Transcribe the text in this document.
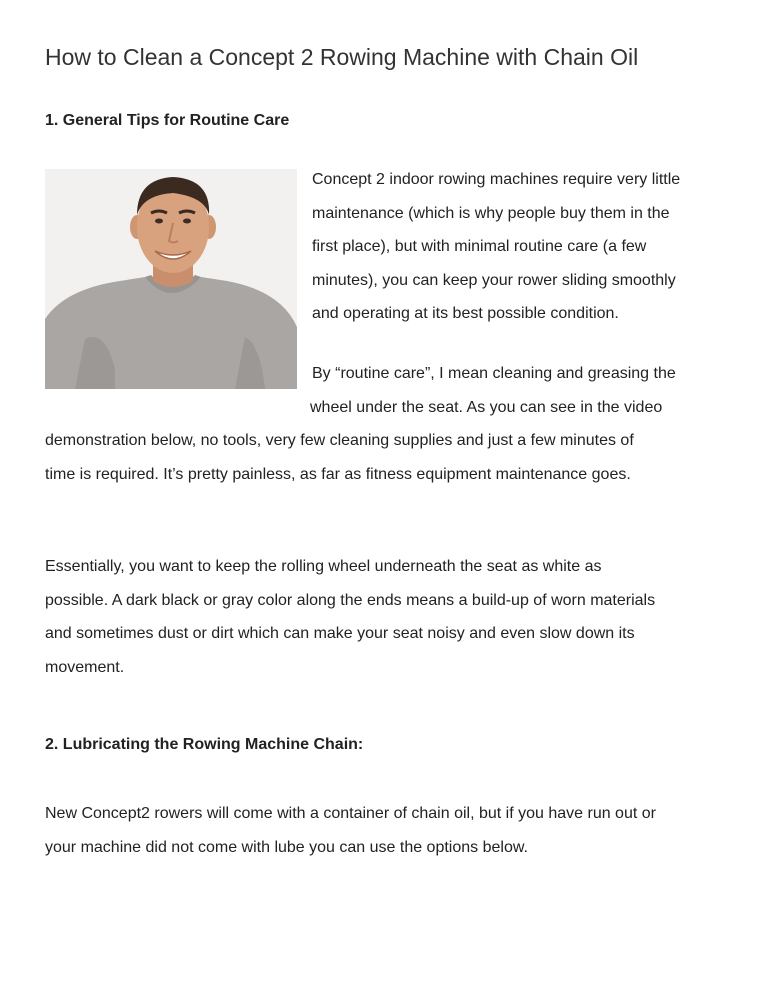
How to Clean a Concept 2 Rowing Machine with Chain Oil
1. General Tips for Routine Care
Concept 2 indoor rowing machines require very little
maintenance (which is why people buy them in the
first place), but with minimal routine care (a few
minutes), you can keep your rower sliding smoothly
and operating at its best possible condition.
By “routine care”, I mean cleaning and greasing the
wheel under the seat. As you can see in the video
demonstration below, no tools, very few cleaning supplies and just a few minutes of
time is required. It’s pretty painless, as far as fitness equipment maintenance goes.
Essentially, you want to keep the rolling wheel underneath the seat as white as
possible. A dark black or gray color along the ends means a build-up of worn materials
and sometimes dust or dirt which can make your seat noisy and even slow down its
movement.
2. Lubricating the Rowing Machine Chain:
New Concept2 rowers will come with a container of chain oil, but if you have run out or
your machine did not come with lube you can use the options below.
